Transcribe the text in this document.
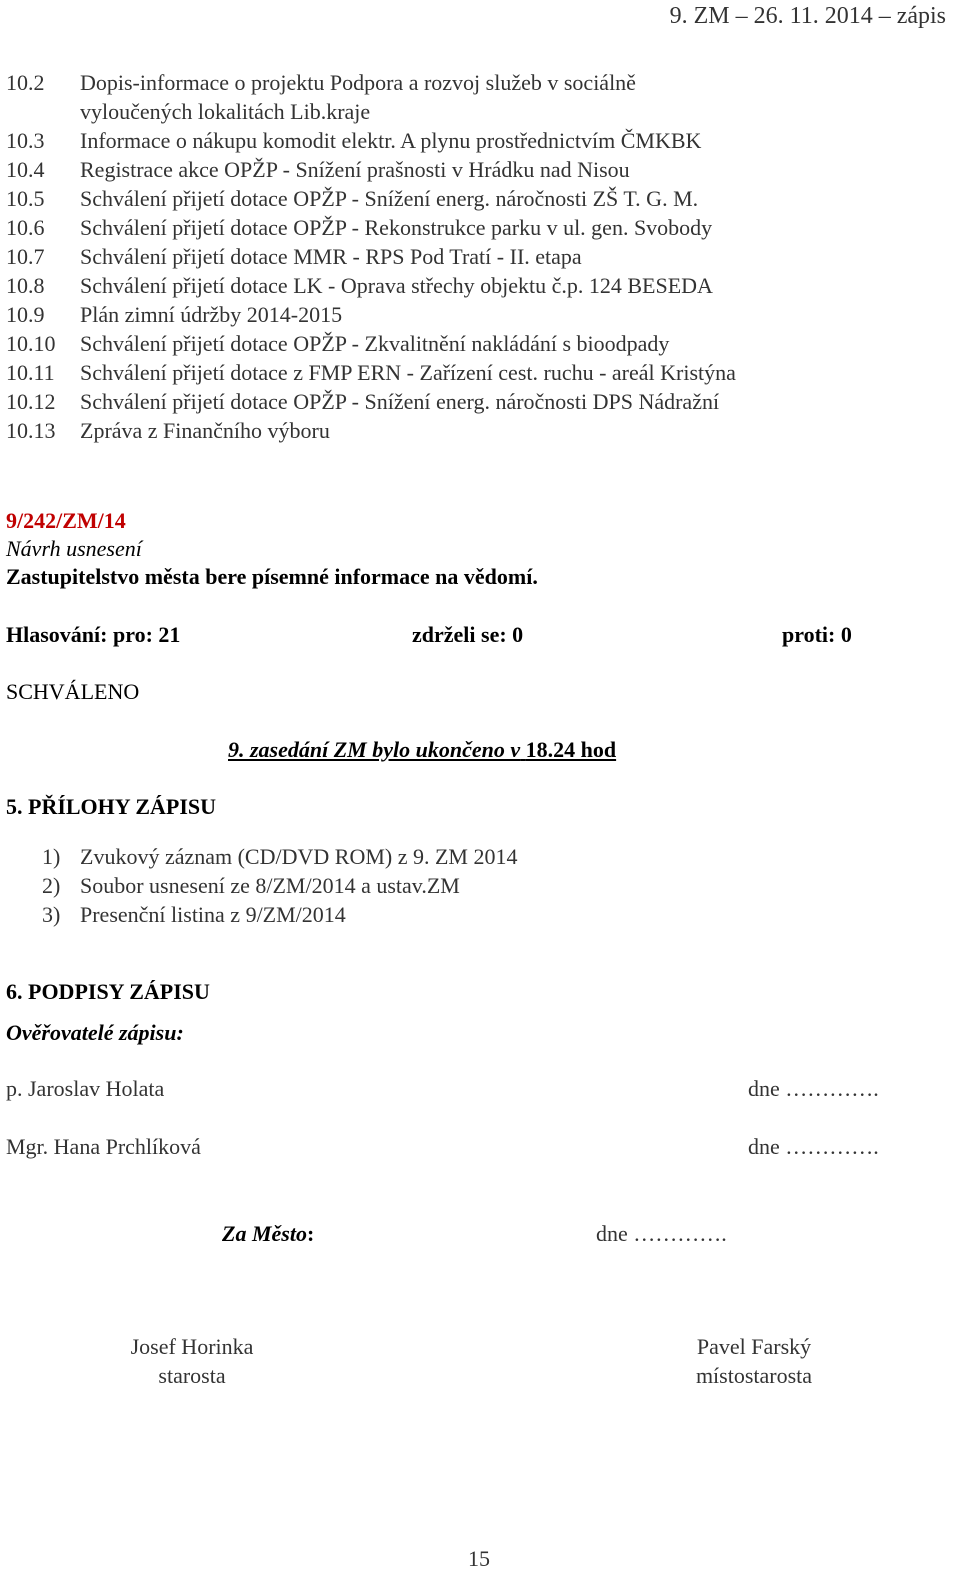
9. ZM – 26. 11. 2014 – zápis
10.2	Dopis-informace o projektu Podpora a rozvoj služeb v sociálně
vyloučených lokalitách Lib.kraje
10.3	Informace o nákupu komodit elektr. A plynu prostřednictvím ČMKBK
10.4	Registrace akce OPŽP - Snížení prašnosti v Hrádku nad Nisou
10.5	Schválení přijetí dotace OPŽP - Snížení energ. náročnosti ZŠ T. G. M.
10.6	Schválení přijetí dotace OPŽP - Rekonstrukce parku v ul. gen. Svobody
10.7	Schválení přijetí dotace MMR - RPS Pod Tratí - II. etapa
10.8	Schválení přijetí dotace LK - Oprava střechy objektu č.p. 124 BESEDA
10.9	Plán zimní údržby 2014-2015
10.10	Schválení přijetí dotace OPŽP - Zkvalitnění nakládání s bioodpady
10.11	Schválení přijetí dotace z FMP ERN - Zařízení cest. ruchu - areál Kristýna
10.12	Schválení přijetí dotace OPŽP - Snížení energ. náročnosti DPS Nádražní
10.13	Zpráva z Finančního výboru
9/242/ZM/14
Návrh usnesení
Zastupitelstvo města bere písemné informace na vědomí.
Hlasování: pro: 21	zdrželi se: 0	proti: 0
SCHVÁLENO
9. zasedání ZM bylo ukončeno v 18.24 hod
5. PŘÍLOHY ZÁPISU
1) Zvukový záznam (CD/DVD ROM) z 9. ZM 2014
2) Soubor usnesení ze 8/ZM/2014 a ustav.ZM
3) Presenční listina z 9/ZM/2014
6. PODPISY ZÁPISU
Ověřovatelé zápisu:
p. Jaroslav Holata	dne ………….
Mgr. Hana Prchlíková	dne ………….
Za Město:	dne ………….
Josef Horinka
starosta
Pavel Farský
místostarosta
15
